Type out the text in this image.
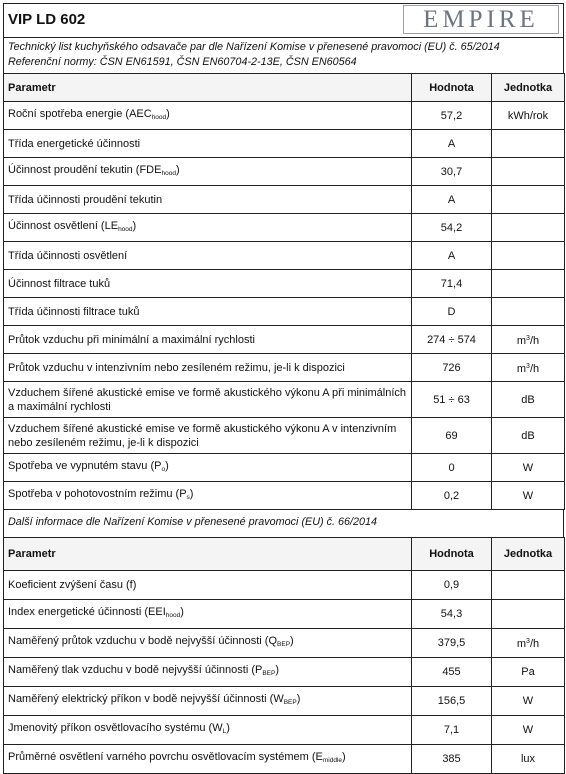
VIP LD 602	EMPIRE
Technický list kuchyňského odsavače par dle Nařízení Komise v přenesené pravomoci (EU) č. 65/2014
Referenční normy: ČSN EN61591, ČSN EN60704-2-13E, ČSN EN60564
Parametr	Hodnota	Jednotka
Roční spotřeba energie $(AEC_{hood})$	57,2	kWh/rok
Třída energetické účinnosti	A	
Účinnost proudění tekutin $(FDE_{hood})$	30,7	
Třída účinnosti proudění tekutin	A	
Účinnost osvětlení $(LE_{hood})$	54,2	
Třída účinnosti osvětlení	A	
Účinnost filtrace tuků	71,4	
Třída účinnosti filtrace tuků	D	
Průtok vzduchu při minimální a maximální rychlosti	274 ÷ 574	$m^3/h$
Průtok vzduchu v intenzivním nebo zesíleném režimu, je-li k dispozici	726	$m^3/h$
Vzduchem šířené akustické emise ve formě akustického výkonu A při minimálních a maximální rychlosti	51 ÷ 63	dB
Vzduchem šířené akustické emise ve formě akustického výkonu A v intenzivním nebo zesíleném režimu, je-li k dispozici	69	dB
Spotřeba ve vypnutém stavu $(P_o)$	0	W
Spotřeba v pohotovostním režimu $(P_s)$	0,2	W
Další informace dle Nařízení Komise v přenesené pravomoci (EU) č. 66/2014
Parametr	Hodnota	Jednotka
Koeficient zvýšení času (f)	0,9	
Index energetické účinnosti $(EEI_{hood})$	54,3	
Naměřený průtok vzduchu v bodě nejvyšší účinnosti $(Q_{BEP})$	379,5	$m^3/h$
Naměřený tlak vzduchu v bodě nejvyšší účinnosti $(P_{BEP})$	455	Pa
Naměřený elektrický příkon v bodě nejvyšší účinnosti $(W_{BEP})$	156,5	W
Jmenovitý příkon osvětlovacího systému $(W_L)$	7,1	W
Průměrné osvětlení varného povrchu osvětlovacím systémem $(E_{middle})$	385	lux
